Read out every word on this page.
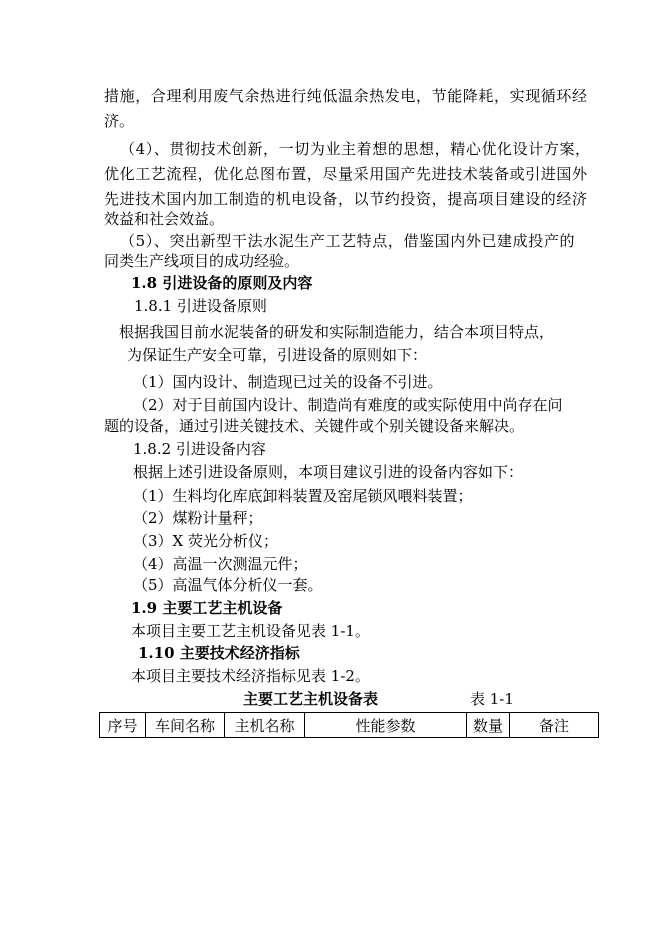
措施，合理利用废气余热进行纯低温余热发电，节能降耗，实现循环经
济。
（4）、贯彻技术创新，一切为业主着想的思想，精心优化设计方案，
优化工艺流程，优化总图布置，尽量采用国产先进技术装备或引进国外
先进技术国内加工制造的机电设备，以节约投资，提高项目建设的经济
效益和社会效益。
（5）、突出新型干法水泥生产工艺特点，借鉴国内外已建成投产的
同类生产线项目的成功经验。
1.8 引进设备的原则及内容
1.8.1 引进设备原则
根据我国目前水泥装备的研发和实际制造能力，结合本项目特点，
为保证生产安全可靠，引进设备的原则如下：
（1）国内设计、制造现已过关的设备不引进。
（2）对于目前国内设计、制造尚有难度的或实际使用中尚存在问
题的设备，通过引进关键技术、关键件或个别关键设备来解决。
1.8.2 引进设备内容
根据上述引进设备原则，本项目建议引进的设备内容如下：
（1）生料均化库底卸料装置及窑尾锁风喂料装置；
（2）煤粉计量秤；
（3）X 荧光分析仪；
（4）高温一次测温元件；
（5）高温气体分析仪一套。
1.9 主要工艺主机设备
本项目主要工艺主机设备见表 1-1。
1.10 主要技术经济指标
本项目主要技术经济指标见表 1-2。
主要工艺主机设备表	表 1-1
序号	车间名称	主机名称	性能参数	数量	备注
